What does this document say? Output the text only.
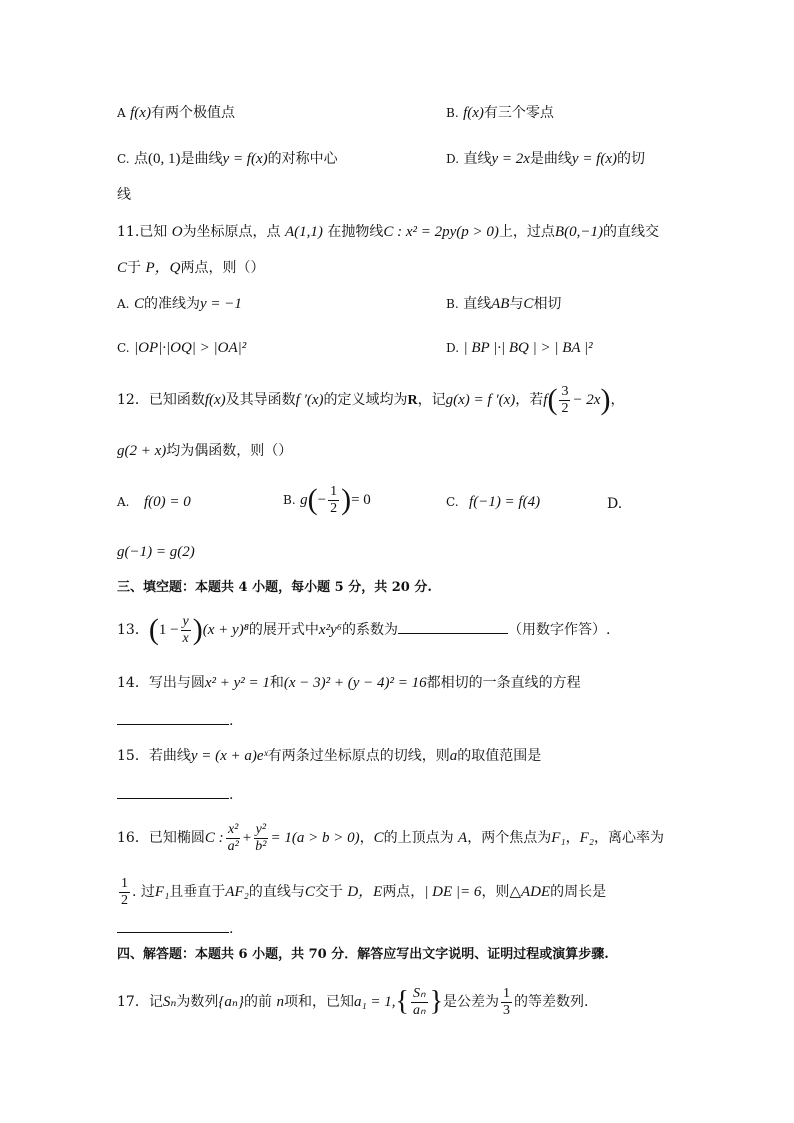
A f(x)有两个极值点	B. f(x)有三个零点
C. 点(0, 1)是曲线y = f(x)的对称中心	D. 直线y = 2x是曲线y = f(x)的切
线
11.已知 O为坐标原点，点 A(1,1) 在抛物线C : x² = 2py(p > 0)上，过点B(0,−1)的直线交
C于 P，Q两点，则（）
A. C的准线为y = −1	B. 直线AB与C相切
C. |OP|·|OQ| > |OA|²	D. | BP |·| BQ | > | BA |²
12．已知函数f(x)及其导函数f ′(x)的定义域均为R，记g(x) = f ′(x)，若$f( \frac{3}{2} - 2x)$，
g(2 + x)均为偶函数，则（）
A. f(0) = 0	B. $g(- \frac{1}{2}$ )= 0	C. f(−1) = f(4)	D.
g(−1) = g(2)
三、填空题：本题共 4 小题，每小题 5 分，共 20 分.
13．$(1 - \frac{y}{x} )(x + y)^8$的展开式中x²y⁶的系数为	（用数字作答）.
14．写出与圆x² + y² = 1和(x − 3)² + (y − 4)² = 16都相切的一条直线的方程
.
15．若曲线y = (x + a)eˣ有两条过坐标原点的切线，则a的取值范围是
.
16．已知椭圆C : $\frac{\text{x²}}{\text{a²}} + \frac{\text{y²}}{\text{b²}} = 1(a > b > 0)$，C的上顶点为 A，两个焦点为F₁，F₂，离心率为
$\frac{1}{2}$ . 过F₁且垂直于AF₂的直线与C交于 D，E两点，| DE |= 6，则△ADE的周长是
.
四、解答题：本题共 6 小题，共 70 分．解答应写出文字说明、证明过程或演算步骤.
17．记Sₙ为数列{aₙ}的前 n项和，已知$a_1 = 1,\{ \frac{\text{Sₙ}}{\text{aₙ}}$ }是公差为 $\frac{1}{3}$ 的等差数列.
